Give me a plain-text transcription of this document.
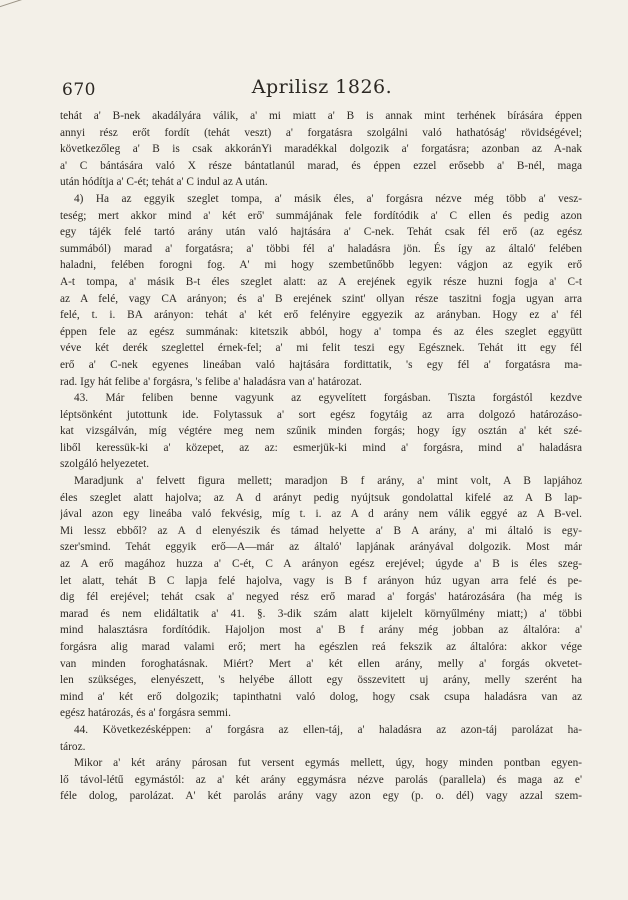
670	Aprilisz 1826.
tehát a' B-nek akadályára válik, a' mi miatt a' B is annak mint terhének bírására éppen
annyi rész erőt fordít (tehát veszt) a' forgatásra szolgálni való hathatóság' rövidségével;
következőleg a' B is csak akkoránYi maradékkal dolgozik a' forgatásra; azonban az A-nak
a' C bántására való X része bántatlanúl marad, és éppen ezzel erősebb a' B-nél, maga
után hódítja a' C-ét; tehát a' C indul az A után.
4) Ha az eggyik szeglet tompa, a' másik éles, a' forgásra nézve még több a' vesz-
teség; mert akkor mind a' két erő' summájának fele fordítódik a' C ellen és pedig azon
egy tájék felé tartó arány után való hajtására a' C-nek. Tehát csak fél erő (az egész
summából) marad a' forgatásra; a' többi fél a' haladásra jön. És így az általó' felében
haladni, felében forogni fog. A' mi hogy szembetűnőbb legyen: vágjon az egyik erő
A-t tompa, a' másik B-t éles szeglet alatt: az A erejének egyik része huzni fogja a' C-t
az A felé, vagy CA arányon; és a' B erejének szint' ollyan része taszitni fogja ugyan arra
felé, t. i. BA arányon: tehát a' két erő felényire eggyezik az arányban. Hogy ez a' fél
éppen fele az egész summának: kitetszik abból, hogy a' tompa és az éles szeglet eggyütt
véve két derék szeglettel érnek-fel; a' mi felit teszi egy Egésznek. Tehát itt egy fél
erő a' C-nek egyenes lineában való hajtására fordittatik, 's egy fél a' forgatásra ma-
rad. Igy hát felibe a' forgásra, 's felibe a' haladásra van a' határozat.
43. Már feliben benne vagyunk az egyvelített forgásban. Tiszta forgástól kezdve
léptsönként jutottunk ide. Folytassuk a' sort egész fogytáig az arra dolgozó határozáso-
kat vizsgálván, míg végtére meg nem szűnik minden forgás; hogy így osztán a' két szé-
liből keressük-ki a' közepet, az az: esmerjük-ki mind a' forgásra, mind a' haladásra
szolgáló helyezetet.
Maradjunk a' felvett figura mellett; maradjon B f arány, a' mint volt, A B lapjához
éles szeglet alatt hajolva; az A d arányt pedig nyújtsuk gondolattal kifelé az A B lap-
jával azon egy lineába való fekvésig, míg t. i. az A d arány nem válik eggyé az A B-vel.
Mi lessz ebből? az A d elenyészik és támad helyette a' B A arány, a' mi általó is egy-
szer'smind. Tehát eggyik erő—A—már az általó' lapjának arányával dolgozik. Most már
az A erő magához huzza a' C-ét, C A arányon egész erejével; úgyde a' B is éles szeg-
let alatt, tehát B C lapja felé hajolva, vagy is B f arányon húz ugyan arra felé és pe-
dig fél erejével; tehát csak a' negyed rész erő marad a' forgás' határozására (ha még is
marad és nem elidáltatik a' 41. §. 3-dik szám alatt kijelelt környűlmény miatt;) a' többi
mind halasztásra fordítódik. Hajoljon most a' B f arány még jobban az általóra: a'
forgásra alig marad valami erő; mert ha egészlen reá fekszik az általóra: akkor vége
van minden foroghatásnak. Miért? Mert a' két ellen arány, melly a' forgás okvetet-
len szükséges, elenyészett, 's helyébe állott egy összevitett uj arány, melly szerént ha
mind a' két erő dolgozik; tapinthatni való dolog, hogy csak csupa haladásra van az
egész határozás, és a' forgásra semmi.
44. Következésképpen: a' forgásra az ellen-táj, a' haladásra az azon-táj parolázat ha-
tároz.
Mikor a' két arány párosan fut versent egymás mellett, úgy, hogy minden pontban egyen-
lő távol-létű egymástól: az a' két arány eggymásra nézve parolás (parallela) és maga az e'
féle dolog, parolázat. A' két parolás arány vagy azon egy (p. o. dél) vagy azzal szem-
